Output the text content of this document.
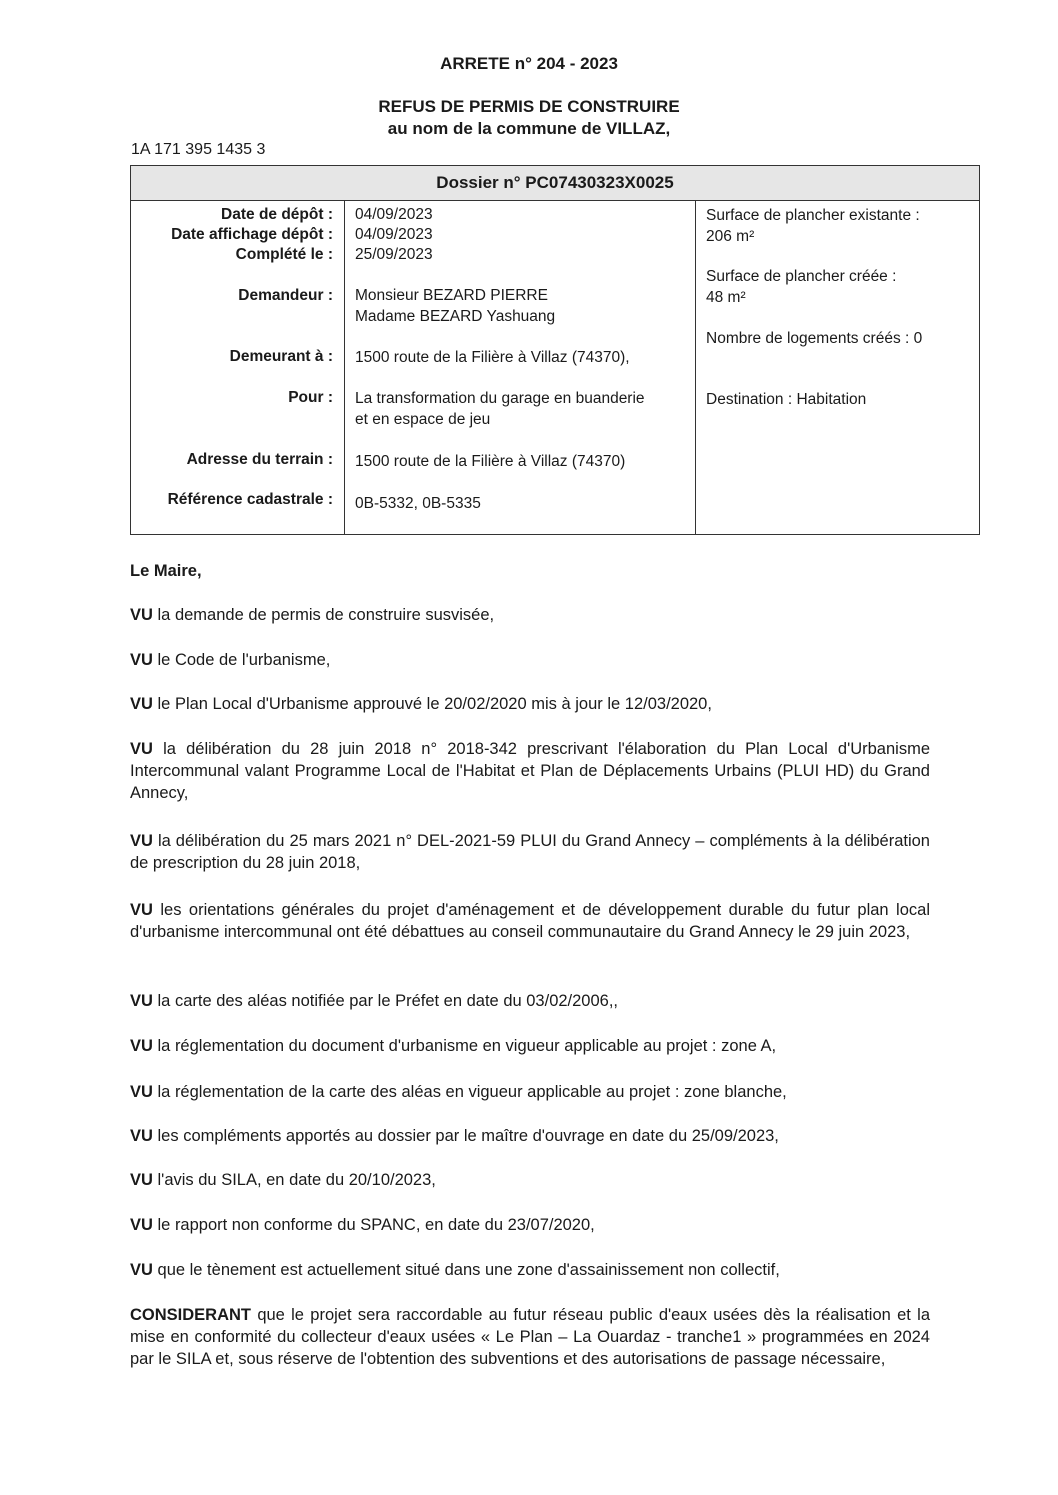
ARRETE n° 204 - 2023
REFUS DE PERMIS DE CONSTRUIRE
au nom de la commune de VILLAZ,
1A 171 395 1435 3
Dossier n° PC07430323X0025
Date de dépôt :
Date affichage dépôt :
Complété le :
Demandeur :
Demeurant à :
Pour :
Adresse du terrain :
Référence cadastrale :
04/09/2023
04/09/2023
25/09/2023
Monsieur BEZARD PIERRE
Madame BEZARD Yashuang
1500 route de la Filière à Villaz (74370),
La transformation du garage en buanderie
et en espace de jeu
1500 route de la Filière à Villaz (74370)
0B-5332, 0B-5335
Surface de plancher existante :
206 m²
Surface de plancher créée :
48 m²
Nombre de logements créés : 0
Destination : Habitation
Le Maire,
VU la demande de permis de construire susvisée,
VU le Code de l'urbanisme,
VU le Plan Local d'Urbanisme approuvé le 20/02/2020 mis à jour le 12/03/2020,
VU la délibération du 28 juin 2018 n° 2018-342 prescrivant l'élaboration du Plan Local d'Urbanisme Intercommunal valant Programme Local de l'Habitat et Plan de Déplacements Urbains (PLUI HD) du Grand Annecy,
VU la délibération du 25 mars 2021 n° DEL-2021-59 PLUI du Grand Annecy – compléments à la délibération de prescription du 28 juin 2018,
VU les orientations générales du projet d'aménagement et de développement durable du futur plan local d'urbanisme intercommunal ont été débattues au conseil communautaire du Grand Annecy le 29 juin 2023,
VU la carte des aléas notifiée par le Préfet en date du 03/02/2006,,
VU la réglementation du document d'urbanisme en vigueur applicable au projet : zone A,
VU la réglementation de la carte des aléas en vigueur applicable au projet : zone blanche,
VU les compléments apportés au dossier par le maître d'ouvrage en date du 25/09/2023,
VU l'avis du SILA, en date du 20/10/2023,
VU le rapport non conforme du SPANC, en date du 23/07/2020,
VU que le tènement est actuellement situé dans une zone d'assainissement non collectif,
CONSIDERANT que le projet sera raccordable au futur réseau public d'eaux usées dès la réalisation et la mise en conformité du collecteur d'eaux usées « Le Plan – La Ouardaz - tranche1 » programmées en 2024 par le SILA et, sous réserve de l'obtention des subventions et des autorisations de passage nécessaire,
